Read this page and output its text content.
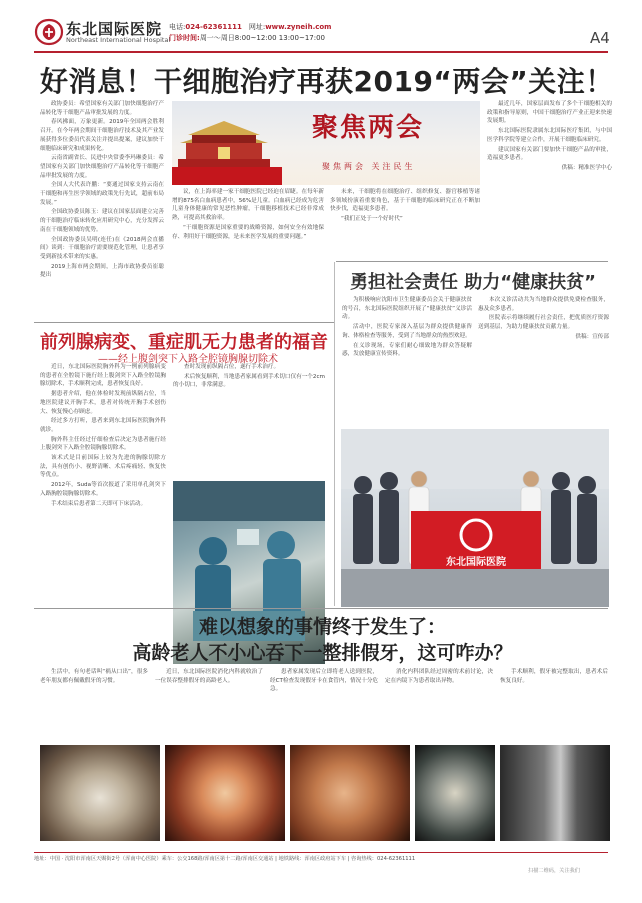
东北国际医院
Northeast International Hospital
电话:024-62361111　 网址:www.zyneih.com
门诊时间:周一～周日8:00~12:00 13:00~17:00	A4
好消息！干细胞治疗再获2019“两会”关注！

政协委员：希望国家有关部门加快细胞治疗产品转化等干细胞产品审批发展的力度。

春风拂面，万象更新。2019年全国两会胜利召开。在今年两会期间干细胞治疗技术及其产业发展获得多位委员代表关注并提出提案，建议加快干细胞临床研究和成果转化。

云南省副省长、民进中央常委李玛琳委员：希望国家有关部门加快细胞治疗产品转化等干细胞产品审批发展的力度。

全国人大代表许鹏：“要通过国家支持云南在干细胞和再生医学领域的政策先行先试，超前布局发展。”

全国政协委员陈玉：建议在国家层面建立完善的干细胞治疗临床转化应用研究中心，充分发挥云南在干细胞领域的优势。

全国政协委员吴明(连任)在《2018两会直播间》谈到：干细胞治疗需要规范化管理，让患者享受到新技术带来的实惠。

2019上海市两会期间，上海市政协委员崔聪提出

聚焦两会
聚焦两会 关注民生

议，在上海率建一家干细胞医院已经迫在眉睫。在每年新增的875名白血病患者中，56%是儿童。白血病已经成为危害儿童身体健康的常见恶性肿瘤，干细胞移植技术已经非常成熟，可提高其救治率。

“干细胞资源是国家重要的战略资源，如何安全有效地保存、利用好干细胞资源，是未来医学发展的重要问题。”

未来，干细胞将在细胞治疗、组织修复、器官移植等诸多领域扮演着重要角色，基于干细胞的临床研究正在不断加快步伐，造福更多患者。

“我们正处于一个好时代”

最近几年，国家层面发布了多个干细胞相关的政策和指导原则，中国干细胞治疗产业正迎来快速发展期。

东北国际医院隶属东北国际医疗集团，与中国医学科学院等建立合作，开展干细胞临床研究。

建议国家有关部门要加快干细胞产品的审批，造福更多患者。

供稿：精准医学中心

前列腺病变、重症肌无力患者的福音
——经上腹剑突下入路全腔镜胸腺切除术

近日，东北国际医院胸外科为一例前列腺病变的患者在全腔镜下施行经上腹剑突下入路全腔镜胸腺切除术，手术顺利完成，患者恢复良好。

据患者介绍，他在体检时发现前纵隔占位，当地医院建议开胸手术，患者对传统开胸手术创伤大、恢复慢心存顾虑。

经过多方打听，患者来到东北国际医院胸外科就诊。

胸外科主任经过仔细检查后决定为患者施行经上腹剑突下入路全腔镜胸腺切除术。

该术式是目前国际上较为先进的胸腺切除方法，具有创伤小、视野清晰、术后疼痛轻、恢复快等优点。

2012年，Suda等首次报道了采用单孔剑突下入路胸腔镜胸腺切除术。

手术结束后患者第二天即可下床活动。

查时发现前纵隔占位，遂行手术治疗。

术后恢复顺利，当地患者家属看到手术切口仅有一个2cm的小切口，非常满意。

勇担社会责任 助力“健康扶贫”

为积极响应沈阳市卫生健康委员会关于健康扶贫的号召，东北国际医院组织开展了“健康扶贫”义诊活动。

活动中，医院专家深入基层为群众提供健康咨询、体格检查等服务，受到了当地群众的热烈欢迎。

在义诊现场，专家们耐心细致地为群众答疑解惑，发放健康宣传资料。

本次义诊活动共为当地群众提供免费检查服务，惠及众多患者。

医院表示将继续履行社会责任，把优质医疗资源送到基层，为助力健康扶贫贡献力量。

供稿：宣传部

东北国际医院
难以想象的事情终于发生了：
高龄老人不小心吞下一整排假牙，这可咋办？

生活中，有句老话叫“祸从口出”，很多老年朋友都有佩戴假牙的习惯。

近日，东北国际医院消化内科就收治了一位误吞整排假牙的高龄老人。

患者家属发现后立即将老人送到医院，经CT检查发现假牙卡在食管内，情况十分危急。

消化内科团队经过周密的术前讨论，决定在内镜下为患者取出异物。

手术顺利，假牙被完整取出，患者术后恢复良好。

地址：中国 · 沈阳市浑南区天赐街2号（浑南中心医院）乘车：公交168路/浑南区第十二路/浑南区交通站 | 地铁路线：浑南区政府站下车 | 咨询热线：024-62361111
扫描二维码，关注我们
